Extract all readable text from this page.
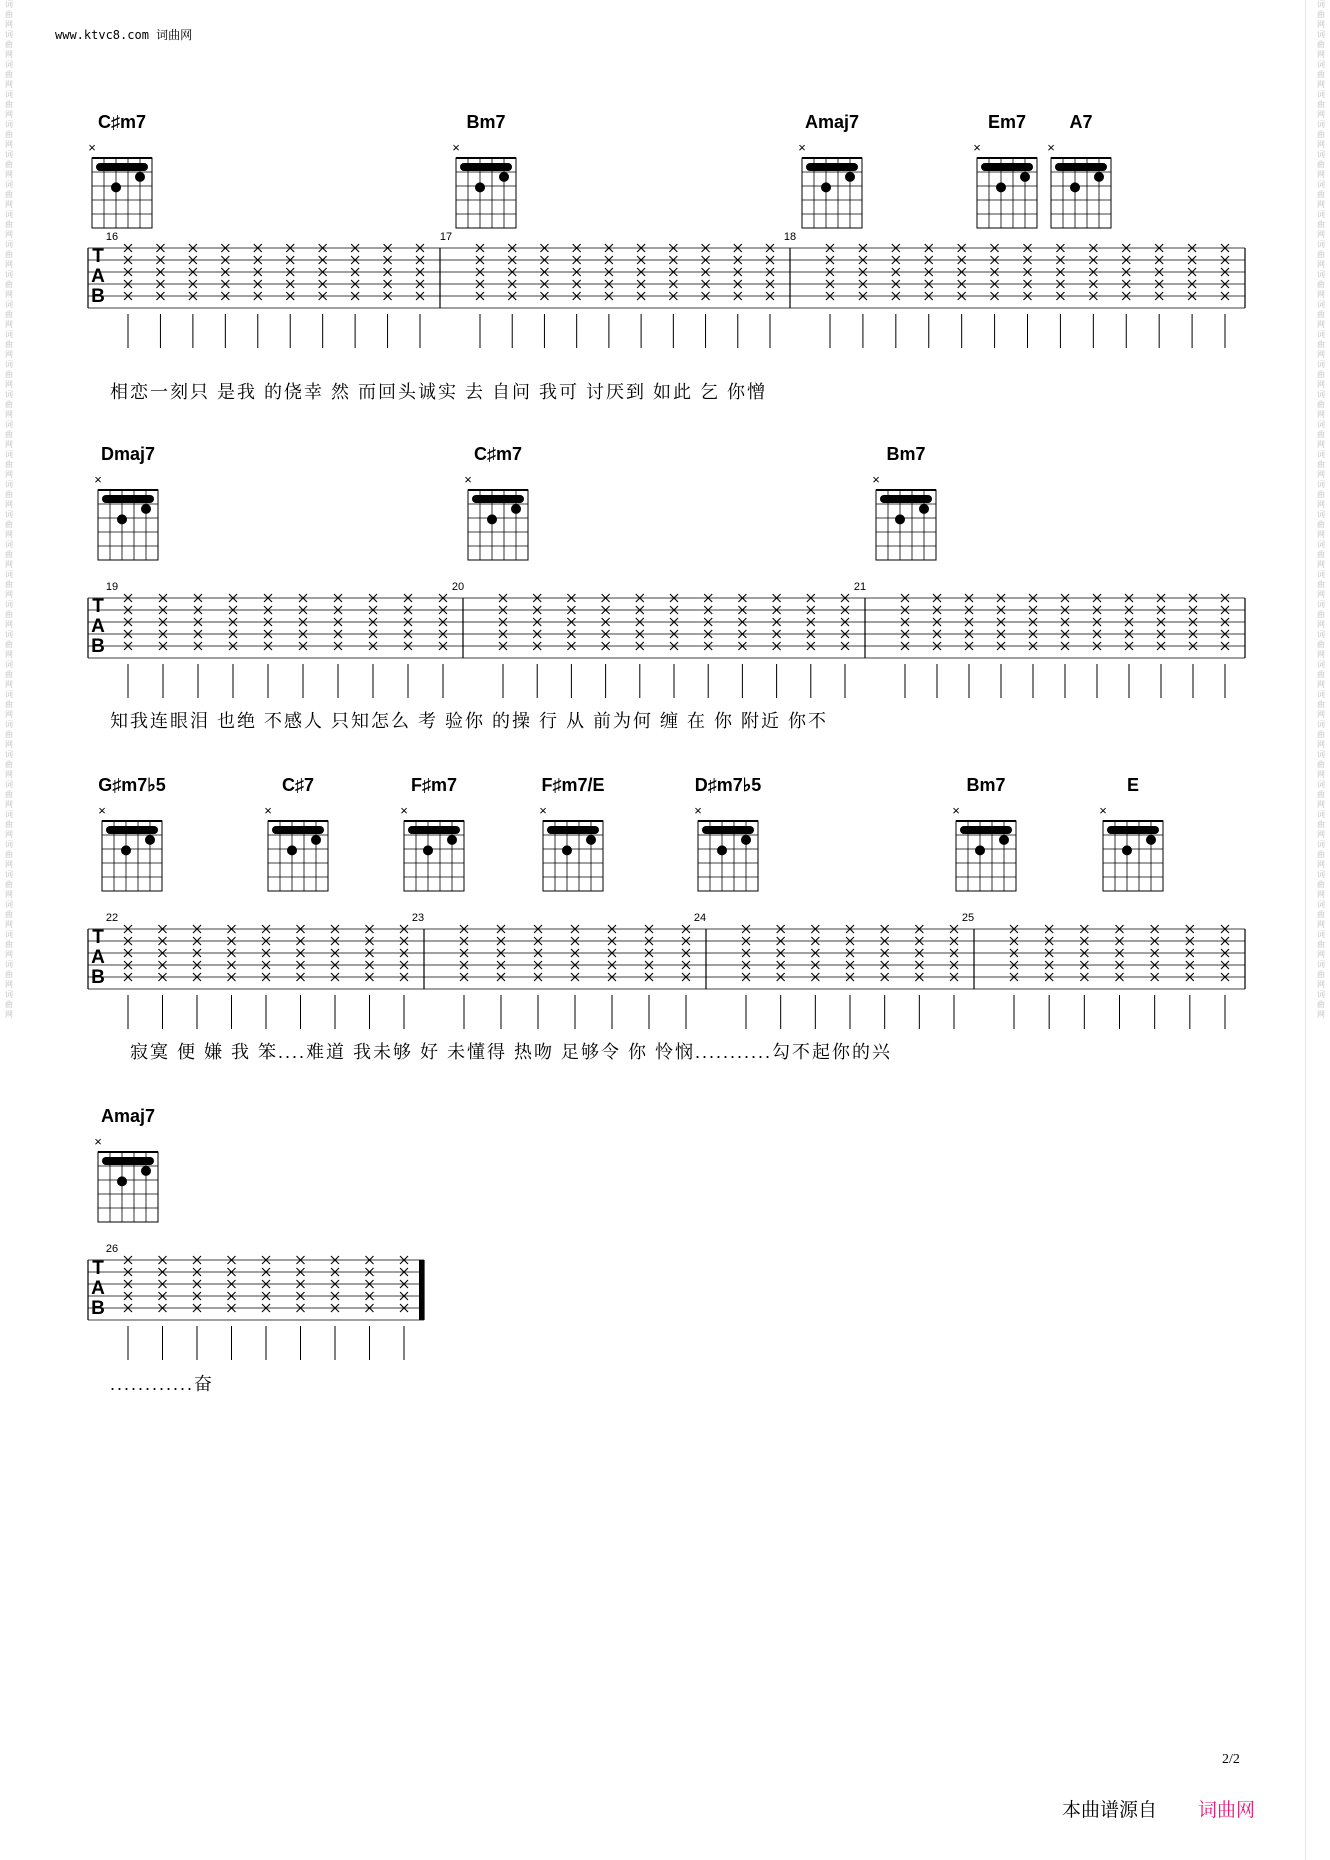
词曲网 词曲网 词曲网 词曲网 词曲网 词曲网 词曲网 词曲网 词曲网 词曲网 词曲网 词曲网 词曲网 词曲网 词曲网 词曲网 词曲网 词曲网 词曲网 词曲网 词曲网 词曲网 词曲网 词曲网 词曲网 词曲网 词曲网 词曲网 词曲网 词曲网 词曲网 词曲网 词曲网 词曲网
词曲网 词曲网 词曲网 词曲网 词曲网 词曲网 词曲网 词曲网 词曲网 词曲网 词曲网 词曲网 词曲网 词曲网 词曲网 词曲网 词曲网 词曲网 词曲网 词曲网 词曲网 词曲网 词曲网 词曲网 词曲网 词曲网 词曲网 词曲网 词曲网 词曲网 词曲网 词曲网 词曲网 词曲网
www.ktvc8.com 词曲网
C♯m7
×
Bm7
×
Amaj7
×
Em7
×
A7
×
T
A
B
16	17	18
相恋一刻只 是我 的侥幸 然 而回头诚实 去 自问 我可 讨厌到 如此 乞 你憎
Dmaj7
×
C♯m7
×
Bm7
×
T
A
B
19	20	21
知我连眼泪 也绝 不感人 只知怎么 考 验你 的操 行 从 前为何 缠 在 你 附近 你不
G♯m7♭5
×
C♯7
×
F♯m7
×
F♯m7/E
×
D♯m7♭5
×
Bm7
×
E
×
T
A
B
22	23	24	25
寂寞 便 嫌 我 笨....难道 我未够 好 未懂得 热吻 足够令 你 怜悯...........勾不起你的兴
Amaj7
×
T
A
B
26
............奋
2/2
本曲谱源自 词曲网
